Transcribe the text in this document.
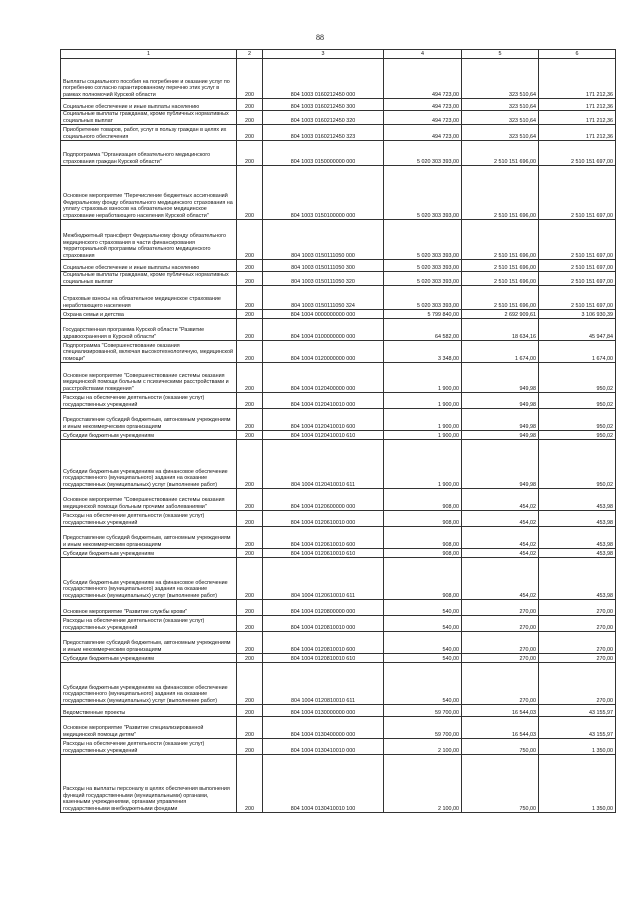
88
1	2	3	4	5	6
Выплаты социального пособия на погребение и оказание услуг по погребению согласно гарантированному перечню этих услуг в рамках полномочий Курской области	200	804 1003 0160212450 000	494 723,00	323 510,64	171 212,36
Социальное обеспечение и иные выплаты населению	200	804 1003 0160212450 300	494 723,00	323 510,64	171 212,36
Социальные выплаты гражданам, кроме публичных нормативных социальных выплат	200	804 1003 0160212450 320	494 723,00	323 510,64	171 212,36
Приобретение товаров, работ, услуг в пользу граждан в целях их социального обеспечения	200	804 1003 0160212450 323	494 723,00	323 510,64	171 212,36
Подпрограмма "Организация обязательного медицинского страхования граждан Курской области"	200	804 1003 0150000000 000	5 020 303 393,00	2 510 151 696,00	2 510 151 697,00
Основное мероприятие "Перечисление бюджетных ассигнований Федеральному фонду обязательного медицинского страхования на уплату страховых взносов на обязательное медицинское страхование неработающего населения Курской области"	200	804 1003 0150100000 000	5 020 303 393,00	2 510 151 696,00	2 510 151 697,00
Межбюджетный трансферт Федеральному фонду обязательного медицинского страхования в части финансирования территориальной программы обязательного медицинского страхования	200	804 1003 0150111050 000	5 020 303 393,00	2 510 151 696,00	2 510 151 697,00
Социальное обеспечение и иные выплаты населению	200	804 1003 0150111050 300	5 020 303 393,00	2 510 151 696,00	2 510 151 697,00
Социальные выплаты гражданам, кроме публичных нормативных социальных выплат	200	804 1003 0150111050 320	5 020 303 393,00	2 510 151 696,00	2 510 151 697,00
Страховые взносы на обязательное медицинское страхование неработающего населения	200	804 1003 0150111050 324	5 020 303 393,00	2 510 151 696,00	2 510 151 697,00
Охрана семьи и детства	200	804 1004 0000000000 000	5 799 840,00	2 692 909,61	3 106 930,39
Государственная программа Курской области "Развитие здравоохранения в Курской области"	200	804 1004 0100000000 000	64 582,00	18 634,16	45 947,84
Подпрограмма "Совершенствование оказания специализированной, включая высокотехнологичную, медицинской помощи"	200	804 1004 0120000000 000	3 348,00	1 674,00	1 674,00
Основное мероприятие "Совершенствование системы оказания медицинской помощи больным с психическими расстройствами и расстройствами поведения"	200	804 1004 0120400000 000	1 900,00	949,98	950,02
Расходы на обеспечение деятельности (оказание услуг) государственных учреждений	200	804 1004 0120410010 000	1 900,00	949,98	950,02
Предоставление субсидий бюджетным, автономным учреждениям и иным некоммерческим организациям	200	804 1004 0120410010 600	1 900,00	949,98	950,02
Субсидии бюджетным учреждениям	200	804 1004 0120410010 610	1 900,00	949,98	950,02
Субсидии бюджетным учреждениям на финансовое обеспечение государственного (муниципального) задания на оказание государственных (муниципальных) услуг (выполнение работ)	200	804 1004 0120410010 611	1 900,00	949,98	950,02
Основное мероприятие "Совершенствование системы оказания медицинской помощи больным прочими заболеваниями"	200	804 1004 0120600000 000	908,00	454,02	453,98
Расходы на обеспечение деятельности (оказание услуг) государственных учреждений	200	804 1004 0120610010 000	908,00	454,02	453,98
Предоставление субсидий бюджетным, автономным учреждениям и иным некоммерческим организациям	200	804 1004 0120610010 600	908,00	454,02	453,98
Субсидии бюджетным учреждениям	200	804 1004 0120610010 610	908,00	454,02	453,98
Субсидии бюджетным учреждениям на финансовое обеспечение государственного (муниципального) задания на оказание государственных (муниципальных) услуг (выполнение работ)	200	804 1004 0120610010 611	908,00	454,02	453,98
Основное мероприятие "Развитие службы крови"	200	804 1004 0120800000 000	540,00	270,00	270,00
Расходы на обеспечение деятельности (оказание услуг) государственных учреждений	200	804 1004 0120810010 000	540,00	270,00	270,00
Предоставление субсидий бюджетным, автономным учреждениям и иным некоммерческим организациям	200	804 1004 0120810010 600	540,00	270,00	270,00
Субсидии бюджетным учреждениям	200	804 1004 0120810010 610	540,00	270,00	270,00
Субсидии бюджетным учреждениям на финансовое обеспечение государственного (муниципального) задания на оказание государственных (муниципальных) услуг (выполнение работ)	200	804 1004 0120810010 611	540,00	270,00	270,00
Ведомственные проекты	200	804 1004 0130000000 000	59 700,00	16 544,03	43 155,97
Основное мероприятие "Развитие специализированной медицинской помощи детям"	200	804 1004 0130400000 000	59 700,00	16 544,03	43 155,97
Расходы на обеспечение деятельности (оказание услуг) государственных учреждений	200	804 1004 0130410010 000	2 100,00	750,00	1 350,00
Расходы на выплаты персоналу в целях обеспечения выполнения функций государственными (муниципальными) органами, казенными учреждениями, органами управления государственными внебюджетными фондами	200	804 1004 0130410010 100	2 100,00	750,00	1 350,00
